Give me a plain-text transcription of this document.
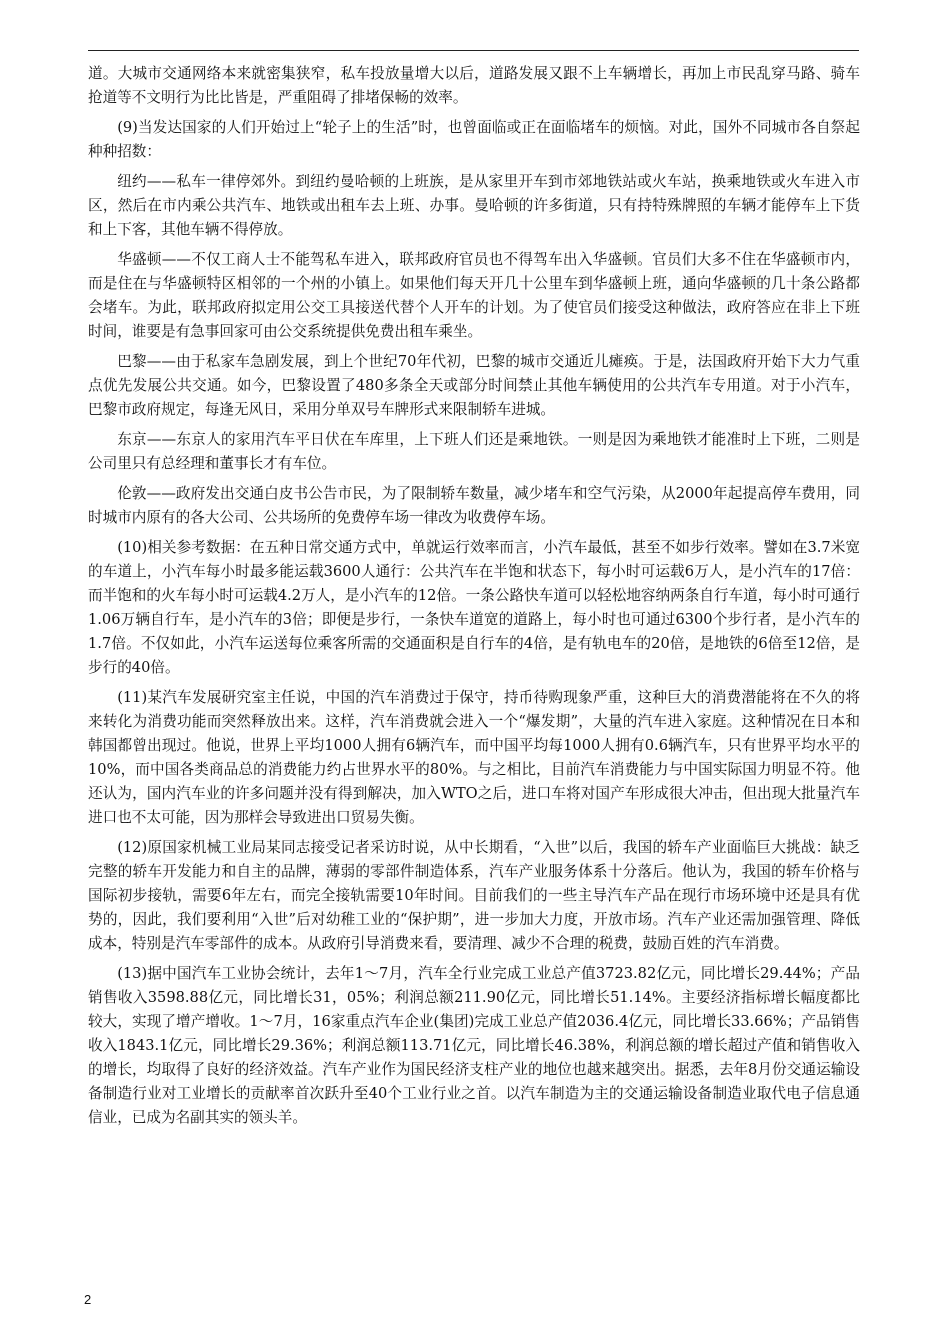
道。大城市交通网络本来就密集狭窄，私车投放量增大以后，道路发展又跟不上车辆增长，再加上市民乱穿马路、骑车抢道等不文明行为比比皆是，严重阻碍了排堵保畅的效率。

(9)当发达国家的人们开始过上“轮子上的生活”时，也曾面临或正在面临堵车的烦恼。对此，国外不同城市各自祭起种种招数：

纽约——私车一律停郊外。到纽约曼哈顿的上班族，是从家里开车到市郊地铁站或火车站，换乘地铁或火车进入市区，然后在市内乘公共汽车、地铁或出租车去上班、办事。曼哈顿的许多街道，只有持特殊牌照的车辆才能停车上下货和上下客，其他车辆不得停放。

华盛顿——不仅工商人士不能驾私车进入，联邦政府官员也不得驾车出入华盛顿。官员们大多不住在华盛顿市内，而是住在与华盛顿特区相邻的一个州的小镇上。如果他们每天开几十公里车到华盛顿上班，通向华盛顿的几十条公路都会堵车。为此，联邦政府拟定用公交工具接送代替个人开车的计划。为了使官员们接受这种做法，政府答应在非上下班时间，谁要是有急事回家可由公交系统提供免费出租车乘坐。

巴黎——由于私家车急剧发展，到上个世纪70年代初，巴黎的城市交通近儿瘫痪。于是，法国政府开始下大力气重点优先发展公共交通。如今，巴黎设置了480多条全天或部分时间禁止其他车辆使用的公共汽车专用道。对于小汽车，巴黎市政府规定，每逢无风日，采用分单双号车牌形式来限制轿车进城。

东京——东京人的家用汽车平日伏在车库里，上下班人们还是乘地铁。一则是因为乘地铁才能准时上下班，二则是公司里只有总经理和董事长才有车位。

伦敦——政府发出交通白皮书公告市民，为了限制轿车数量，减少堵车和空气污染，从2000年起提高停车费用，同时城市内原有的各大公司、公共场所的免费停车场一律改为收费停车场。

(10)相关参考数据：在五种日常交通方式中，单就运行效率而言，小汽车最低，甚至不如步行效率。譬如在3.7米宽的车道上，小汽车每小时最多能运载3600人通行：公共汽车在半饱和状态下，每小时可运载6万人，是小汽车的17倍：而半饱和的火车每小时可运载4.2万人，是小汽车的12倍。一条公路快车道可以轻松地容纳两条自行车道，每小时可通行1.06万辆自行车，是小汽车的3倍；即便是步行，一条快车道宽的道路上，每小时也可通过6300个步行者，是小汽车的1.7倍。不仅如此，小汽车运送每位乘客所需的交通面积是自行车的4倍，是有轨电车的20倍，是地铁的6倍至12倍，是步行的40倍。

(11)某汽车发展研究室主任说，中国的汽车消费过于保守，持币待购现象严重，这种巨大的消费潜能将在不久的将来转化为消费功能而突然释放出来。这样，汽车消费就会进入一个“爆发期”，大量的汽车进入家庭。这种情况在日本和韩国都曾出现过。他说，世界上平均1000人拥有6辆汽车，而中国平均每1000人拥有0.6辆汽车，只有世界平均水平的10%，而中国各类商品总的消费能力约占世界水平的80%。与之相比，目前汽车消费能力与中国实际国力明显不符。他还认为，国内汽车业的许多问题并没有得到解决，加入WTO之后，进口车将对国产车形成很大冲击，但出现大批量汽车进口也不太可能，因为那样会导致进出口贸易失衡。

(12)原国家机械工业局某同志接受记者采访时说，从中长期看，“入世”以后，我国的轿车产业面临巨大挑战：缺乏完整的轿车开发能力和自主的品牌，薄弱的零部件制造体系，汽车产业服务体系十分落后。他认为，我国的轿车价格与国际初步接轨，需要6年左右，而完全接轨需要10年时间。目前我们的一些主导汽车产品在现行市场环境中还是具有优势的，因此，我们要利用“入世”后对幼稚工业的“保护期”，进一步加大力度，开放市场。汽车产业还需加强管理、降低成本，特别是汽车零部件的成本。从政府引导消费来看，要清理、减少不合理的税费，鼓励百姓的汽车消费。

(13)据中国汽车工业协会统计，去年1～7月，汽车全行业完成工业总产值3723.82亿元，同比增长29.44%；产品销售收入3598.88亿元，同比增长31，05%；利润总额211.90亿元，同比增长51.14%。主要经济指标增长幅度都比较大，实现了增产增收。1～7月，16家重点汽车企业(集团)完成工业总产值2036.4亿元，同比增长33.66%；产品销售收入1843.1亿元，同比增长29.36%；利润总额113.71亿元，同比增长46.38%，利润总额的增长超过产值和销售收入的增长，均取得了良好的经济效益。汽车产业作为国民经济支柱产业的地位也越来越突出。据悉，去年8月份交通运输设备制造行业对工业增长的贡献率首次跃升至40个工业行业之首。以汽车制造为主的交通运输设备制造业取代电子信息通信业，已成为名副其实的领头羊。

2
